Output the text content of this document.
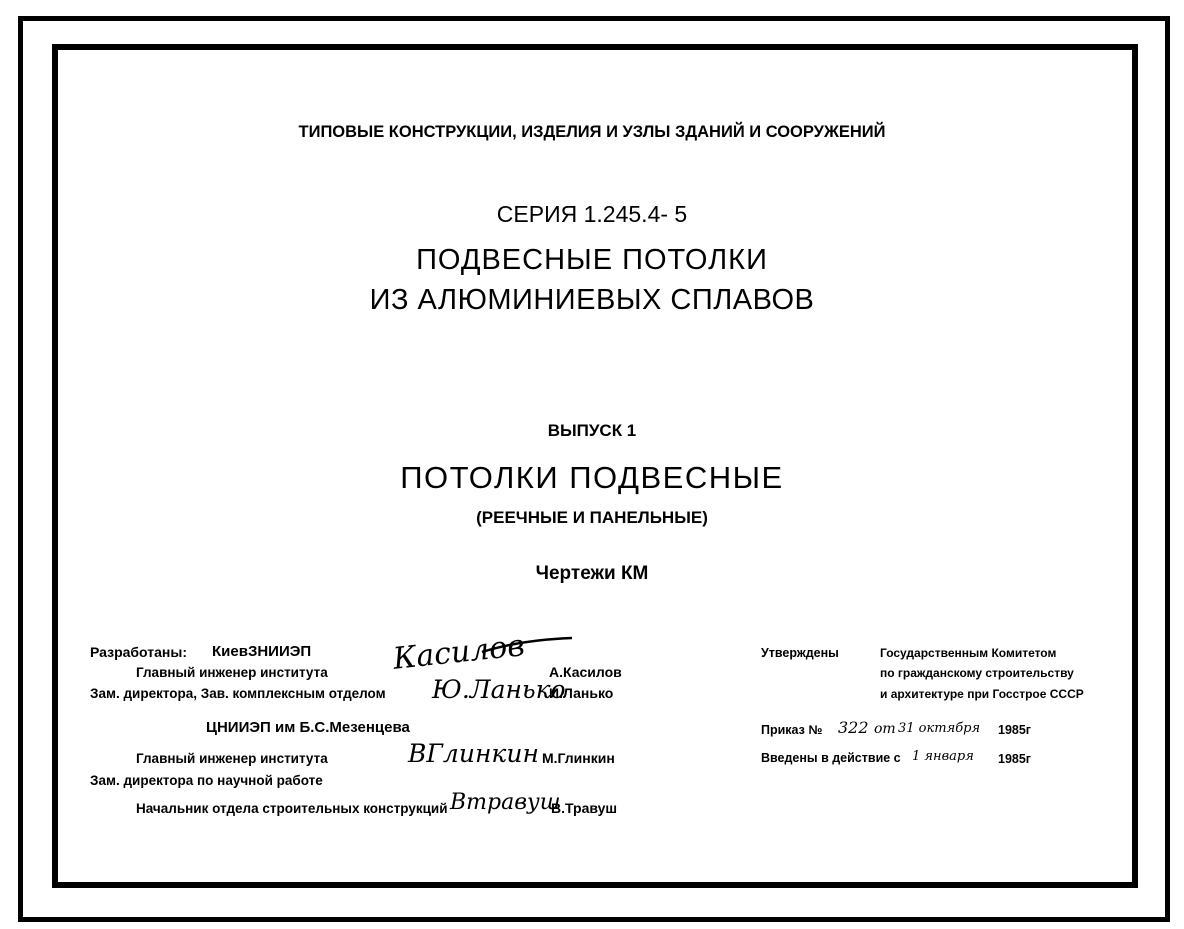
ТИПОВЫЕ КОНСТРУКЦИИ, ИЗДЕЛИЯ И УЗЛЫ ЗДАНИЙ И СООРУЖЕНИЙ
СЕРИЯ 1.245.4- 5
ПОДВЕСНЫЕ ПОТОЛКИ
ИЗ АЛЮМИНИЕВЫХ СПЛАВОВ
ВЫПУСК 1
ПОТОЛКИ ПОДВЕСНЫЕ
(РЕЕЧНЫЕ И ПАНЕЛЬНЫЕ)
Чертежи КМ
Разработаны: КиевЗНИИЭП
Главный инженер института Касилов А.Касилов
Зам. директора, Зав. комплексным отделом Ю.Ланько
И.Ланько
ЦНИИЭП им Б.С.Мезенцева
Главный инженер института	ВГлинкин М.Глинкин
Зам. директора по научной работе
Начальник отдела строительных конструкций Втравуш
В.Травуш
Утверждены	Государственным Комитетом
по гражданскому строительству
и архитектуре при Госстрое СССР
Приказ № 322 от 31 октября 1985г
Введены в действие с 1 января 1985г
